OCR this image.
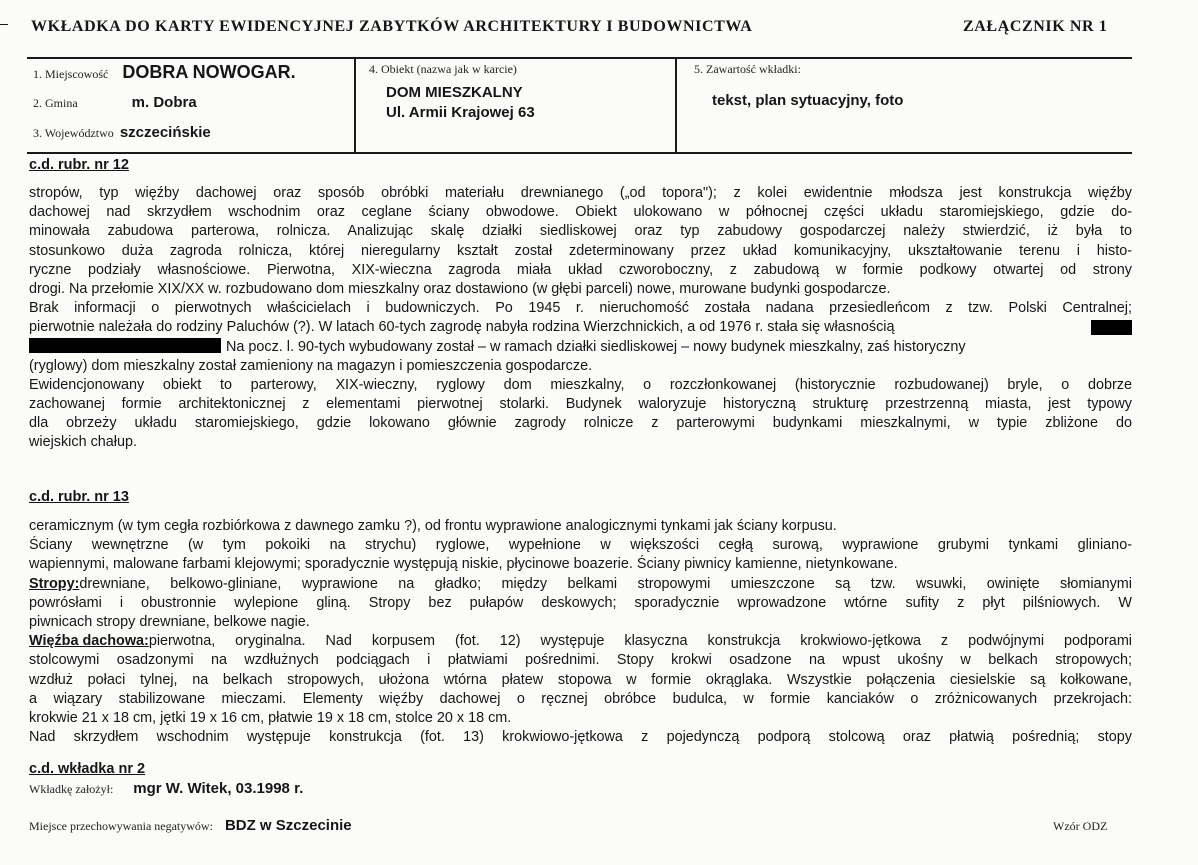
WKŁADKA DO KARTY EWIDENCYJNEJ ZABYTKÓW ARCHITEKTURY I BUDOWNICTWA	ZAŁĄCZNIK NR 1
1. Miejscowość DOBRA NOWOGAR.
2. Gmina	m. Dobra
3. Województwo szczecińskie
4. Obiekt (nazwa jak w karcie)
DOM MIESZKALNY
Ul. Armii Krajowej 63
5. Zawartość wkładki:
tekst, plan sytuacyjny, foto
c.d. rubr. nr 12
stropów, typ więźby dachowej oraz sposób obróbki materiału drewnianego („od topora"); z kolei ewidentnie młodsza jest konstrukcja więźby
dachowej nad skrzydłem wschodnim oraz ceglane ściany obwodowe. Obiekt ulokowano w północnej części układu staromiejskiego, gdzie do-
minowała zabudowa parterowa, rolnicza. Analizując skalę działki siedliskowej oraz typ zabudowy gospodarczej należy stwierdzić, iż była to
stosunkowo duża zagroda rolnicza, której nieregularny kształt został zdeterminowany przez układ komunikacyjny, ukształtowanie terenu i histo-
ryczne podziały własnościowe. Pierwotna, XIX-wieczna zagroda miała układ czworoboczny, z zabudową w formie podkowy otwartej od strony
drogi. Na przełomie XIX/XX w. rozbudowano dom mieszkalny oraz dostawiono (w głębi parceli) nowe, murowane budynki gospodarcze.
Brak informacji o pierwotnych właścicielach i budowniczych. Po 1945 r. nieruchomość została nadana przesiedleńcom z tzw. Polski Centralnej;
pierwotnie należała do rodziny Paluchów (?). W latach 60-tych zagrodę nabyła rodzina Wierzchnickich, a od 1976 r. stała się własnością
Na pocz. l. 90-tych wybudowany został – w ramach działki siedliskowej – nowy budynek mieszkalny, zaś historyczny
(ryglowy) dom mieszkalny został zamieniony na magazyn i pomieszczenia gospodarcze.
Ewidencjonowany obiekt to parterowy, XIX-wieczny, ryglowy dom mieszkalny, o rozczłonkowanej (historycznie rozbudowanej) bryle, o dobrze
zachowanej formie architektonicznej z elementami pierwotnej stolarki. Budynek waloryzuje historyczną strukturę przestrzenną miasta, jest typowy
dla obrzeży układu staromiejskiego, gdzie lokowano głównie zagrody rolnicze z parterowymi budynkami mieszkalnymi, w typie zbliżone do
wiejskich chałup.
c.d. rubr. nr 13
ceramicznym (w tym cegła rozbiórkowa z dawnego zamku ?), od frontu wyprawione analogicznymi tynkami jak ściany korpusu.
Ściany wewnętrzne (w tym pokoiki na strychu) ryglowe, wypełnione w większości cegłą surową, wyprawione grubymi tynkami gliniano-
wapiennymi, malowane farbami klejowymi; sporadycznie występują niskie, płycinowe boazerie. Ściany piwnicy kamienne, nietynkowane.
Stropy: drewniane, belkowo-gliniane, wyprawione na gładko; między belkami stropowymi umieszczone są tzw. wsuwki, owinięte słomianymi
powrósłami i obustronnie wylepione gliną. Stropy bez pułapów deskowych; sporadycznie wprowadzone wtórne sufity z płyt pilśniowych. W
piwnicach stropy drewniane, belkowe nagie.
Więźba dachowa: pierwotna, oryginalna. Nad korpusem (fot. 12) występuje klasyczna konstrukcja krokwiowo-jętkowa z podwójnymi podporami
stolcowymi osadzonymi na wzdłużnych podciągach i płatwiami pośrednimi. Stopy krokwi osadzone na wpust ukośny w belkach stropowych;
wzdłuż połaci tylnej, na belkach stropowych, ułożona wtórna płatew stopowa w formie okrąglaka. Wszystkie połączenia ciesielskie są kołkowane,
a wiązary stabilizowane mieczami. Elementy więźby dachowej o ręcznej obróbce budulca, w formie kanciaków o zróżnicowanych przekrojach:
krokwie 21 x 18 cm, jętki 19 x 16 cm, płatwie 19 x 18 cm, stolce 20 x 18 cm.
Nad skrzydłem wschodnim występuje konstrukcja (fot. 13) krokwiowo-jętkowa z pojedynczą podporą stolcową oraz płatwią pośrednią; stopy
c.d. wkładka nr 2
Wkładkę założył: mgr W. Witek, 03.1998 r.
Miejsce przechowywania negatywów: BDZ w Szczecinie	Wzór ODZ
